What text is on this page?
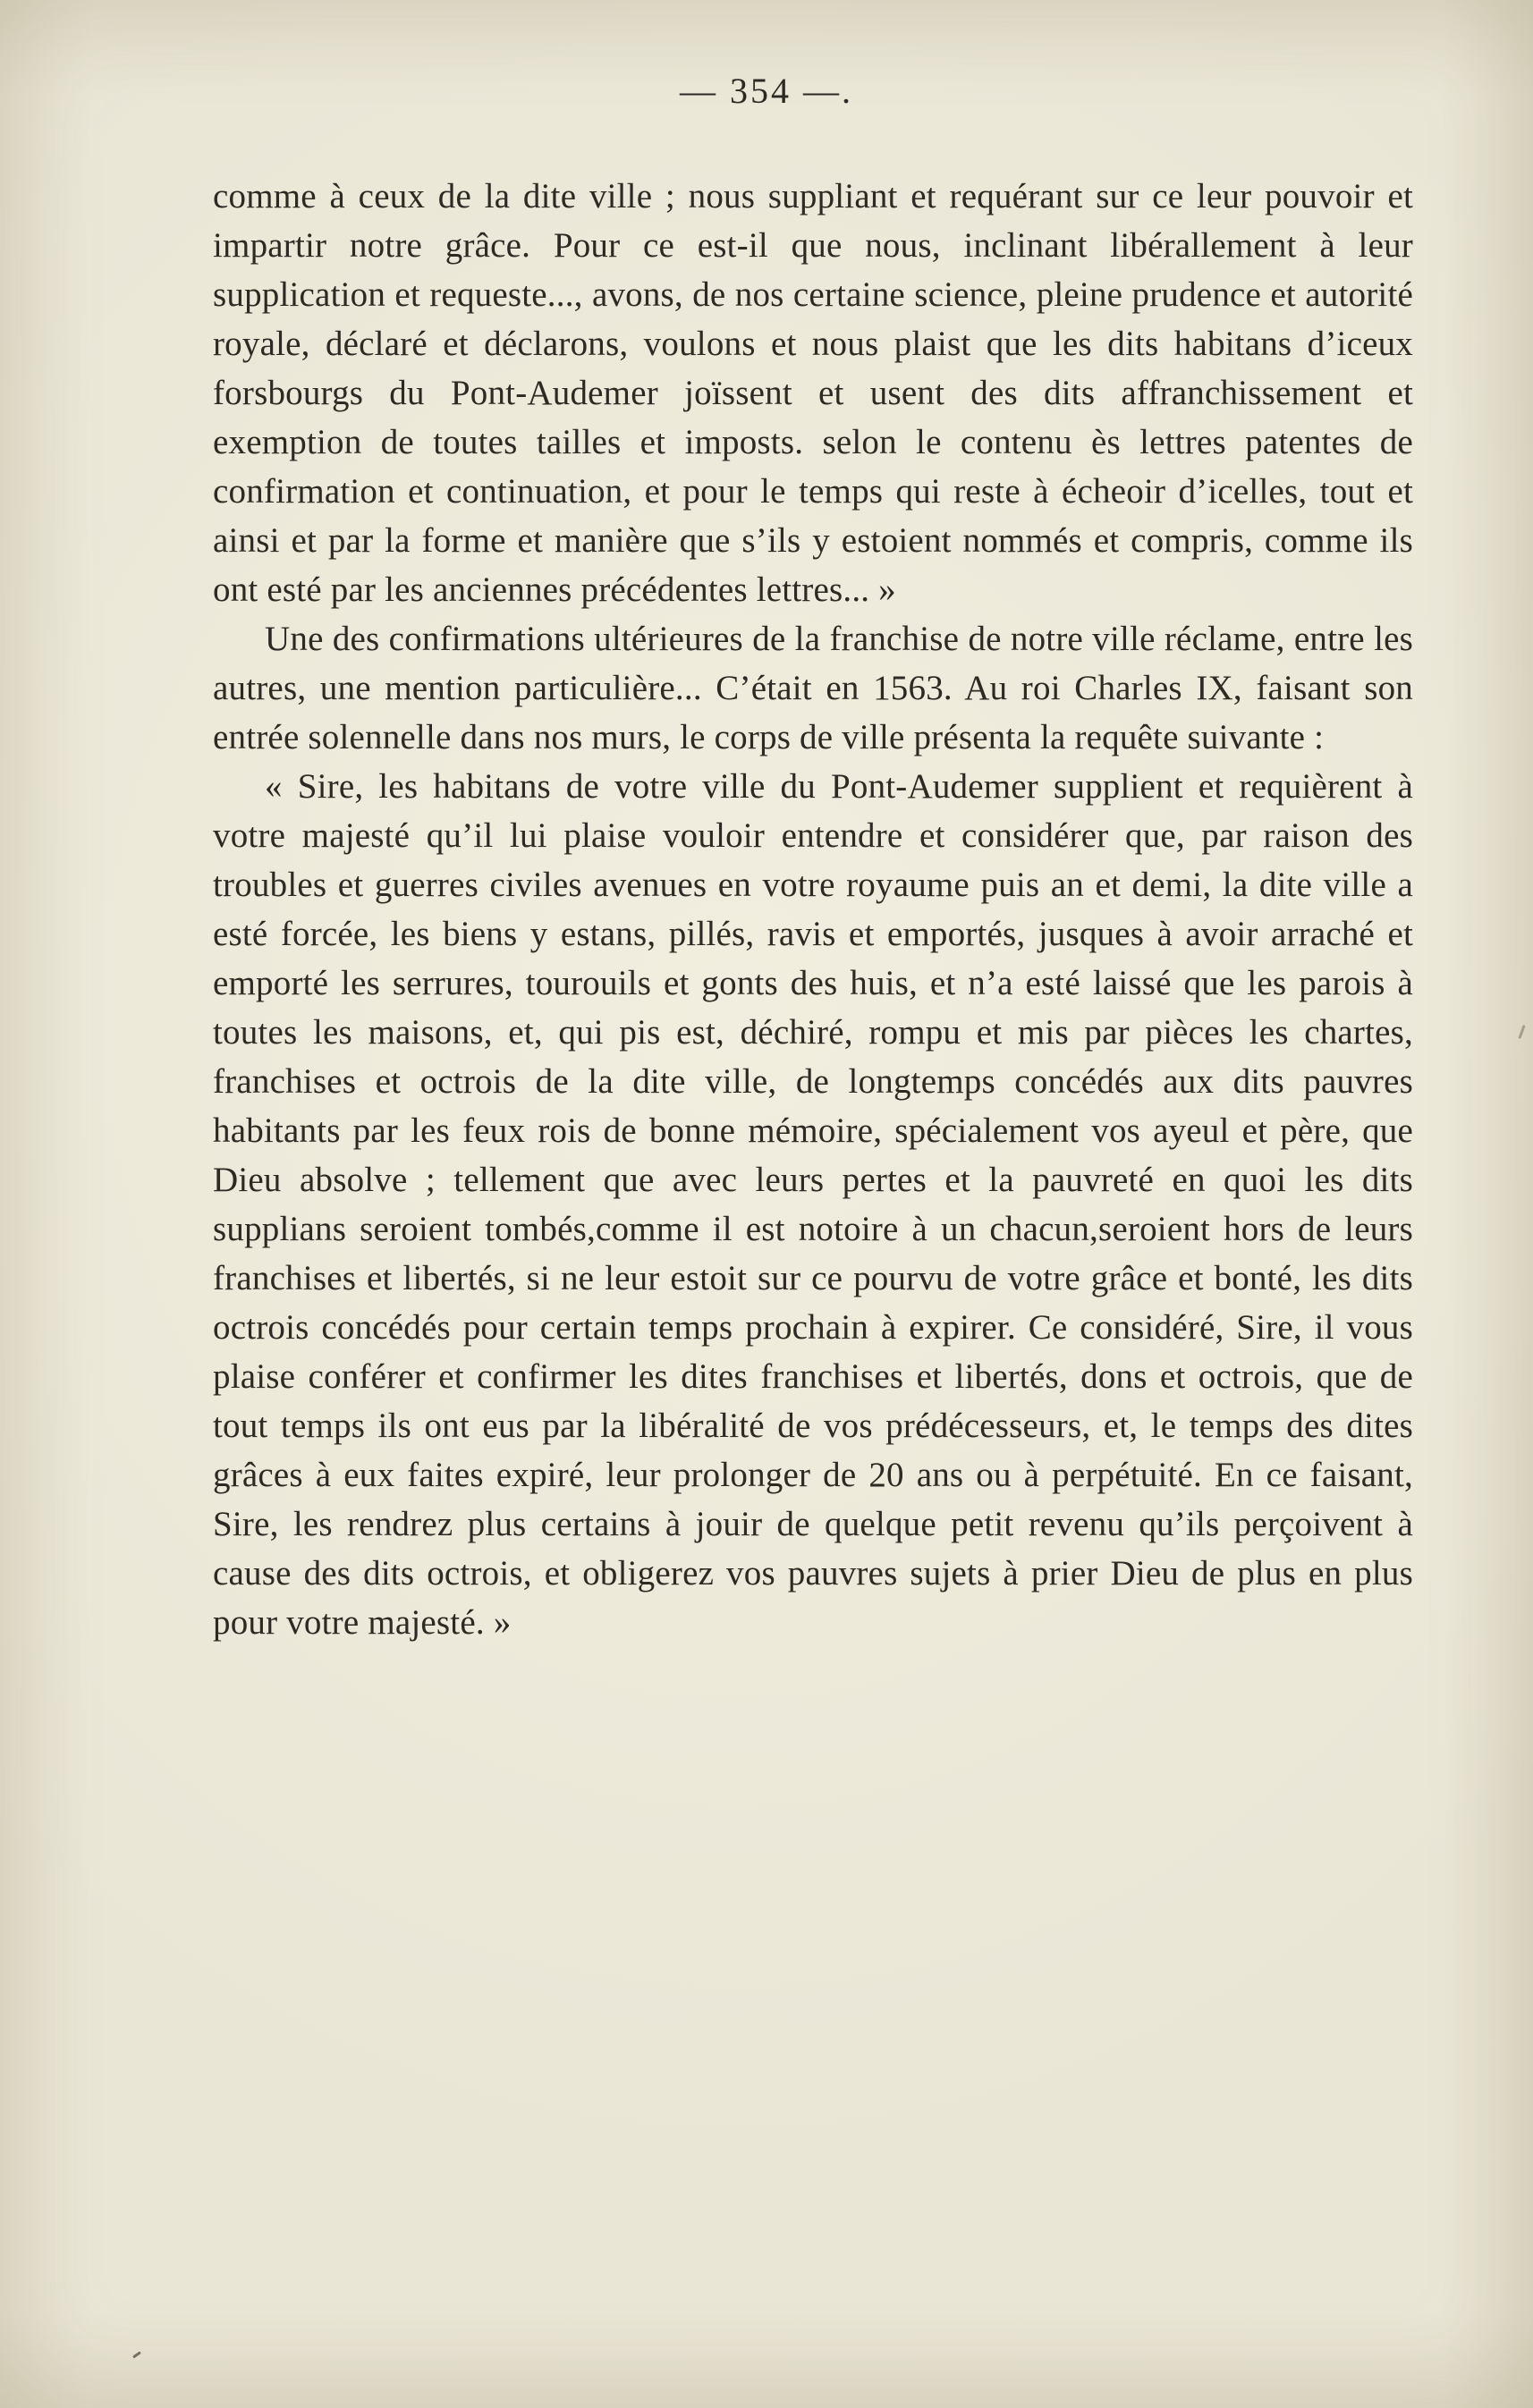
— 354 —.

comme à ceux de la dite ville ; nous suppliant et requérant sur ce leur pouvoir et impartir notre grâce. Pour ce est-il que nous, inclinant libérallement à leur supplication et requeste..., avons, de nos certaine science, pleine prudence et autorité royale, déclaré et déclarons, voulons et nous plaist que les dits habitans d’iceux forsbourgs du Pont-Audemer joïssent et usent des dits affranchissement et exemption de toutes tailles et imposts. selon le contenu ès lettres patentes de confirmation et continuation, et pour le temps qui reste à écheoir d’icelles, tout et ainsi et par la forme et manière que s’ils y estoient nommés et compris, comme ils ont esté par les anciennes précédentes lettres... »

Une des confirmations ultérieures de la franchise de notre ville réclame, entre les autres, une mention particulière... C’était en 1563. Au roi Charles IX, faisant son entrée solennelle dans nos murs, le corps de ville présenta la requête suivante :

« Sire, les habitans de votre ville du Pont-Audemer supplient et requièrent à votre majesté qu’il lui plaise vouloir entendre et considérer que, par raison des troubles et guerres civiles avenues en votre royaume puis an et demi, la dite ville a esté forcée, les biens y estans, pillés, ravis et emportés, jusques à avoir arraché et emporté les serrures, tourouils et gonts des huis, et n’a esté laissé que les parois à toutes les maisons, et, qui pis est, déchiré, rompu et mis par pièces les chartes, franchises et octrois de la dite ville, de longtemps concédés aux dits pauvres habitants par les feux rois de bonne mémoire, spécialement vos ayeul et père, que Dieu absolve ; tellement que avec leurs pertes et la pauvreté en quoi les dits supplians seroient tombés,comme il est notoire à un chacun,seroient hors de leurs franchises et libertés, si ne leur estoit sur ce pourvu de votre grâce et bonté, les dits octrois concédés pour certain temps prochain à expirer. Ce considéré, Sire, il vous plaise conférer et confirmer les dites franchises et libertés, dons et octrois, que de tout temps ils ont eus par la libéralité de vos prédécesseurs, et, le temps des dites grâces à eux faites expiré, leur prolonger de 20 ans ou à perpétuité. En ce faisant, Sire, les rendrez plus certains à jouir de quelque petit revenu qu’ils perçoivent à cause des dits octrois, et obligerez vos pauvres sujets à prier Dieu de plus en plus pour votre majesté. »
